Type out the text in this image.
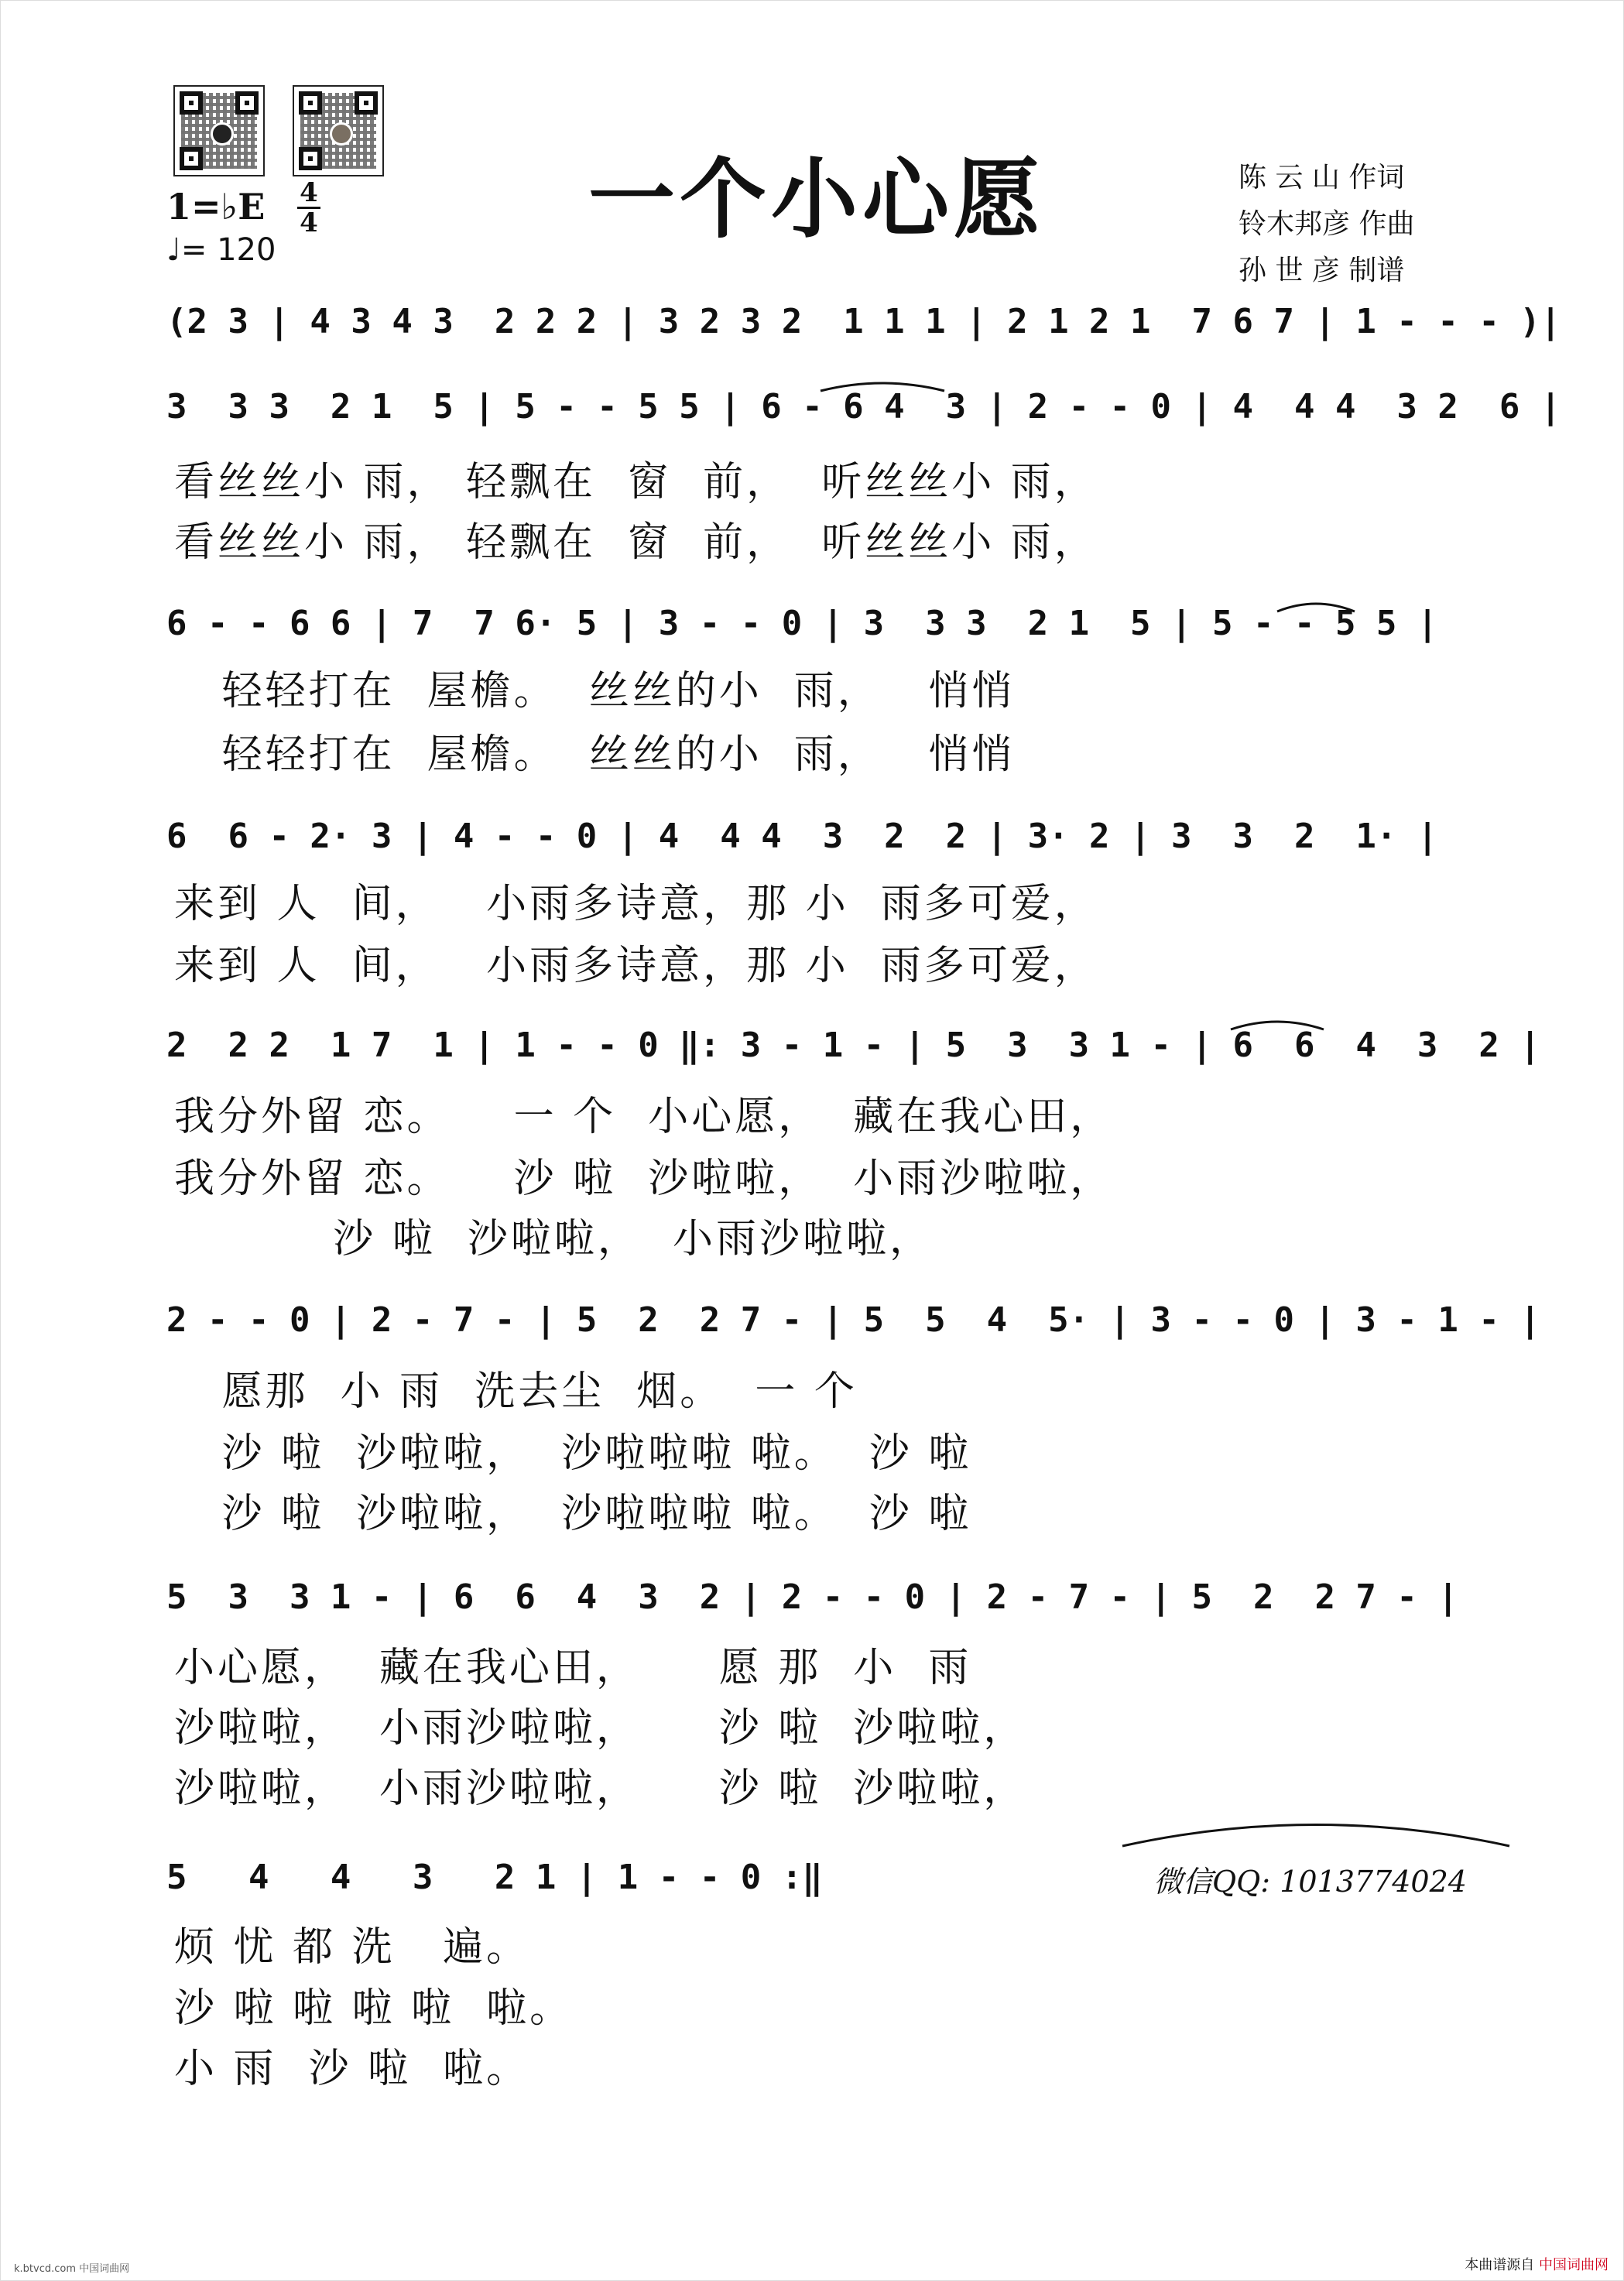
一个小心愿	陈 云 山 作词
铃木邦彦 作曲
孙 世 彦 制谱
1=♭E 4
4
♩= 120
(2 3 | 4 3 4 3  2 2 2 | 3 2 3 2  1 1 1 | 2 1 2 1  7 6 7 | 1 - - - )|
3  3 3  2 1  5 | 5 - - 5 5 | 6 - 6 4  3 | 2 - - 0 | 4  4 4  3 2  6 |
看丝丝小 雨， 轻飘在  窗  前，  听丝丝小 雨，
看丝丝小 雨， 轻飘在  窗  前，  听丝丝小 雨，
6 - - 6 6 | 7  7 6· 5 | 3 - - 0 | 3  3 3  2 1  5 | 5 - - 5 5 |
轻轻打在  屋檐。  丝丝的小  雨，   悄悄
轻轻打在  屋檐。  丝丝的小  雨，   悄悄
6  6 - 2· 3 | 4 - - 0 | 4  4 4  3  2  2 | 3· 2 | 3  3  2  1· |
来到 人  间，   小雨多诗意，那 小  雨多可爱，
来到 人  间，   小雨多诗意，那 小  雨多可爱，
2  2 2  1 7  1 | 1 - - 0 ‖: 3 - 1 - | 5  3  3 1 - | 6  6  4  3  2 |
我分外留 恋。    一 个  小心愿，  藏在我心田，
我分外留 恋。    沙 啦  沙啦啦，  小雨沙啦啦，
沙 啦  沙啦啦，  小雨沙啦啦，
2 - - 0 | 2 - 7 - | 5  2  2 7 - | 5  5  4  5· | 3 - - 0 | 3 - 1 - |
愿那  小 雨  洗去尘  烟。  一 个
沙 啦  沙啦啦，  沙啦啦啦 啦。  沙 啦
沙 啦  沙啦啦，  沙啦啦啦 啦。  沙 啦
5  3  3 1 - | 6  6  4  3  2 | 2 - - 0 | 2 - 7 - | 5  2  2 7 - |
小心愿，  藏在我心田，     愿 那  小  雨
沙啦啦，  小雨沙啦啦，     沙 啦  沙啦啦，
沙啦啦，  小雨沙啦啦，     沙 啦  沙啦啦，
5   4   4   3   2 1 | 1 - - 0 :‖
烦 忧 都 洗   遍。
沙 啦 啦 啦 啦  啦。
小 雨  沙 啦  啦。
微信QQ: 1013774024
k.btvcd.com 中国词曲网	本曲谱源自 中国词曲网
